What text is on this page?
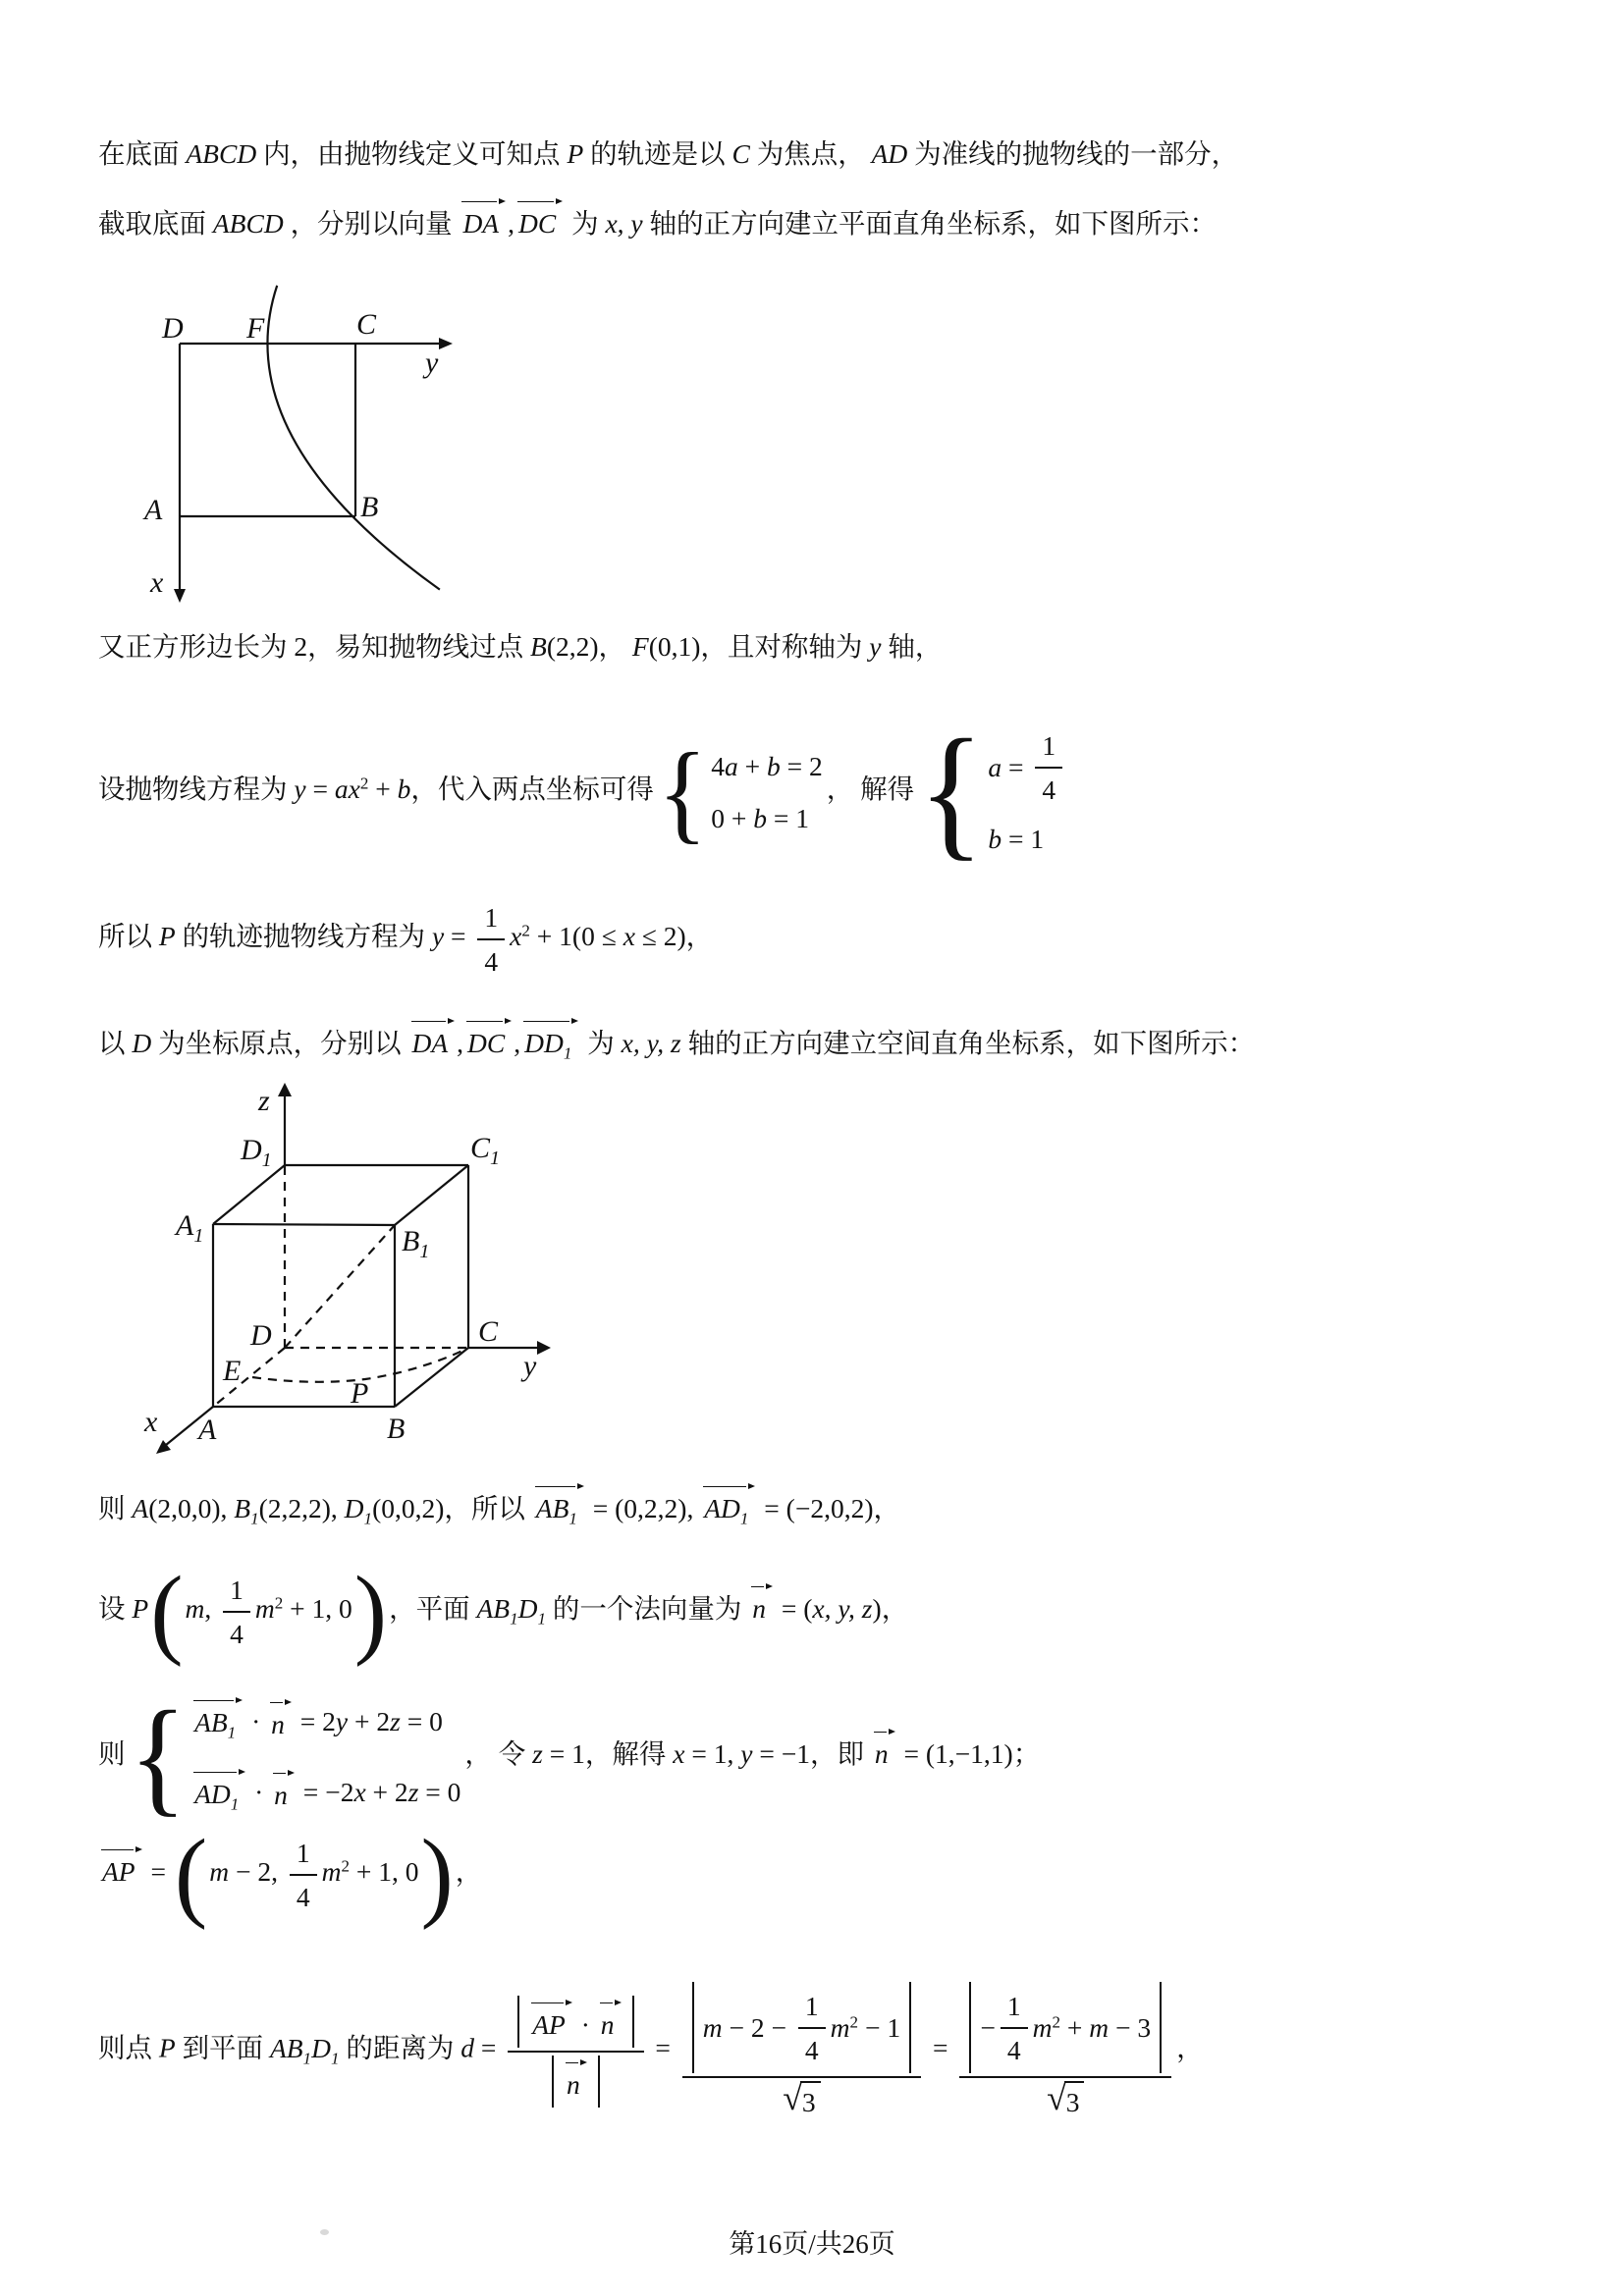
在底面 ABCD 内，由抛物线定义可知点 P 的轨迹是以 C 为焦点， AD 为准线的抛物线的一部分，
截取底面 ABCD ，分别以向量 DA , DC 为 x, y 轴的正方向建立平面直角坐标系，如下图所示：
D F	C
y
A	B
x
又正方形边长为 2，易知抛物线过点 B(2,2)， F(0,1)，且对称轴为 y 轴，
设抛物线方程为 y = ax2 + b，代入两点坐标可得 { 4 a + b = 2
0 + b = 1
， 解得 { $a = \frac{1}{4}$
b = 1
所以 P 的轨迹抛物线方程为 $y = \frac{1}{4} x2 + 1(0 \le x \le 2)$，
以 D 为坐标原点，分别以 DA , DC , $DD_1$ 为 x, y, z 轴的正方向建立空间直角坐标系，如下图所示：
z
$D_1$	$C_1$
$A_1$	$B_1$
D
E
P
C
y
A	B
x
则 A(2,0,0), $B_1(2,2,2)$, $D_1(0,0,2)$，所以 $AB_1 = (0,2,2)$, $AD_1 = (-2,0,2)$，
设 P(m, $\frac{1}{4} m2 + 1$, 0)，平面 $AB_1D_1$ 的一个法向量为 n = (x, y, z)，
则 { $AB_1 \cdot n = 2$ y + 2 z = 0
$AD_1 \cdot n = -2$ x + 2 z = 0
， 令 z = 1，解得 x = 1, y = −1，即 n = (1,−1,1)；
AP = (m − 2, $\frac{1}{4} m2 + 1$, 0)，
则点 P 到平面 $AB_1D_1$ 的距离为 $d = \frac{AP \cdot n}{n} = \frac{m - 2 - \frac{1}{4} m2 - 1}{√ 3} = \frac{- \frac{1}{4} m2 + m - 3}{√ 3}$ ，
第16页/共26页
